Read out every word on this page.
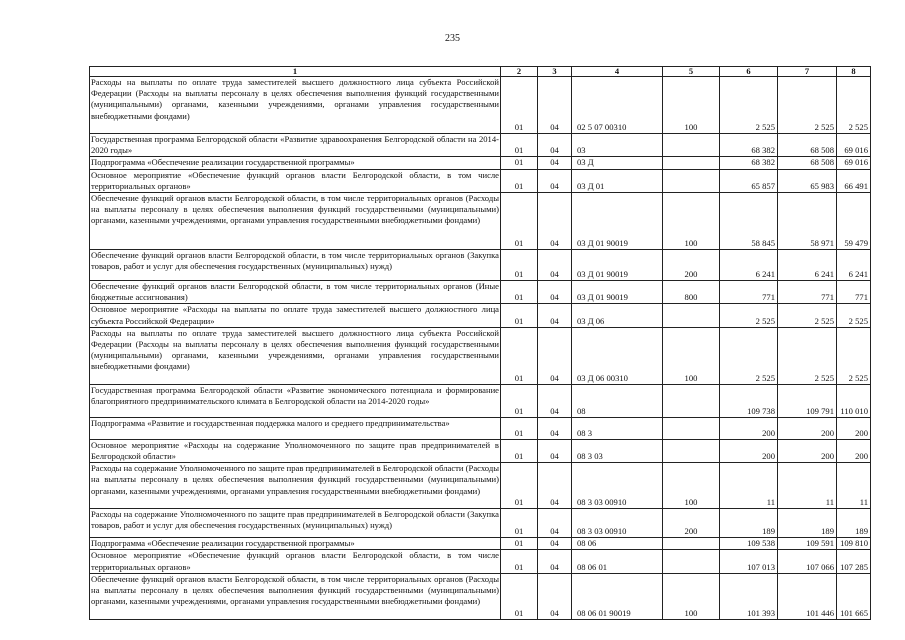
235
1	2	3	4	5	6	7	8
Расходы на выплаты по оплате труда заместителей высшего должностного лица субъекта Российской Федерации (Расходы на выплаты персоналу в целях обеспечения выполнения функций государственными (муниципальными) органами, казенными учреждениями, органами управления государственными внебюджетными фондами)	01	04	02 5 07 00310	100	2 525	2 525	2 525
Государственная программа Белгородской области «Развитие здравоохранения Белгородской области на 2014-2020 годы»	01	04	03		68 382	68 508	69 016
Подпрограмма «Обеспечение реализации государственной программы»	01	04	03 Д		68 382	68 508	69 016
Основное мероприятие «Обеспечение функций органов власти Белгородской области, в том числе территориальных органов»	01	04	03 Д 01		65 857	65 983	66 491
Обеспечение функций органов власти Белгородской области, в том числе территориальных органов (Расходы на выплаты персоналу в целях обеспечения выполнения функций государственными (муниципальными) органами, казенными учреждениями, органами управления государственными внебюджетными фондами)	01	04	03 Д 01 90019	100	58 845	58 971	59 479
Обеспечение функций органов власти Белгородской области, в том числе территориальных органов (Закупка товаров, работ и услуг для обеспечения государственных (муниципальных) нужд)	01	04	03 Д 01 90019	200	6 241	6 241	6 241
Обеспечение функций органов власти Белгородской области, в том числе территориальных органов (Иные бюджетные ассигнования)	01	04	03 Д 01 90019	800	771	771	771
Основное мероприятие «Расходы на выплаты по оплате труда заместителей высшего должностного лица субъекта Российской Федерации»	01	04	03 Д 06		2 525	2 525	2 525
Расходы на выплаты по оплате труда заместителей высшего должностного лица субъекта Российской Федерации (Расходы на выплаты персоналу в целях обеспечения выполнения функций государственными (муниципальными) органами, казенными учреждениями, органами управления государственными внебюджетными фондами)	01	04	03 Д 06 00310	100	2 525	2 525	2 525
Государственная программа Белгородской области «Развитие экономического потенциала и формирование благоприятного предпринимательского климата в Белгородской области на 2014-2020 годы»	01	04	08		109 738	109 791	110 010
Подпрограмма «Развитие и государственная поддержка малого и среднего предпринимательства»	01	04	08 3		200	200	200
Основное мероприятие «Расходы на содержание Уполномоченного по защите прав предпринимателей в Белгородской области»	01	04	08 3 03		200	200	200
Расходы на содержание Уполномоченного по защите прав предпринимателей в Белгородской области (Расходы на выплаты персоналу в целях обеспечения выполнения функций государственными (муниципальными) органами, казенными учреждениями, органами управления государственными внебюджетными фондами)	01	04	08 3 03 00910	100	11	11	11
Расходы на содержание Уполномоченного по защите прав предпринимателей в Белгородской области (Закупка товаров, работ и услуг для обеспечения государственных (муниципальных) нужд)	01	04	08 3 03 00910	200	189	189	189
Подпрограмма «Обеспечение реализации государственной программы»	01	04	08 06		109 538	109 591	109 810
Основное мероприятие «Обеспечение функций органов власти Белгородской области, в том числе территориальных органов»	01	04	08 06 01		107 013	107 066	107 285
Обеспечение функций органов власти Белгородской области, в том числе территориальных органов (Расходы на выплаты персоналу в целях обеспечения выполнения функций государственными (муниципальными) органами, казенными учреждениями, органами управления государственными внебюджетными фондами)	01	04	08 06 01 90019	100	101 393	101 446	101 665
